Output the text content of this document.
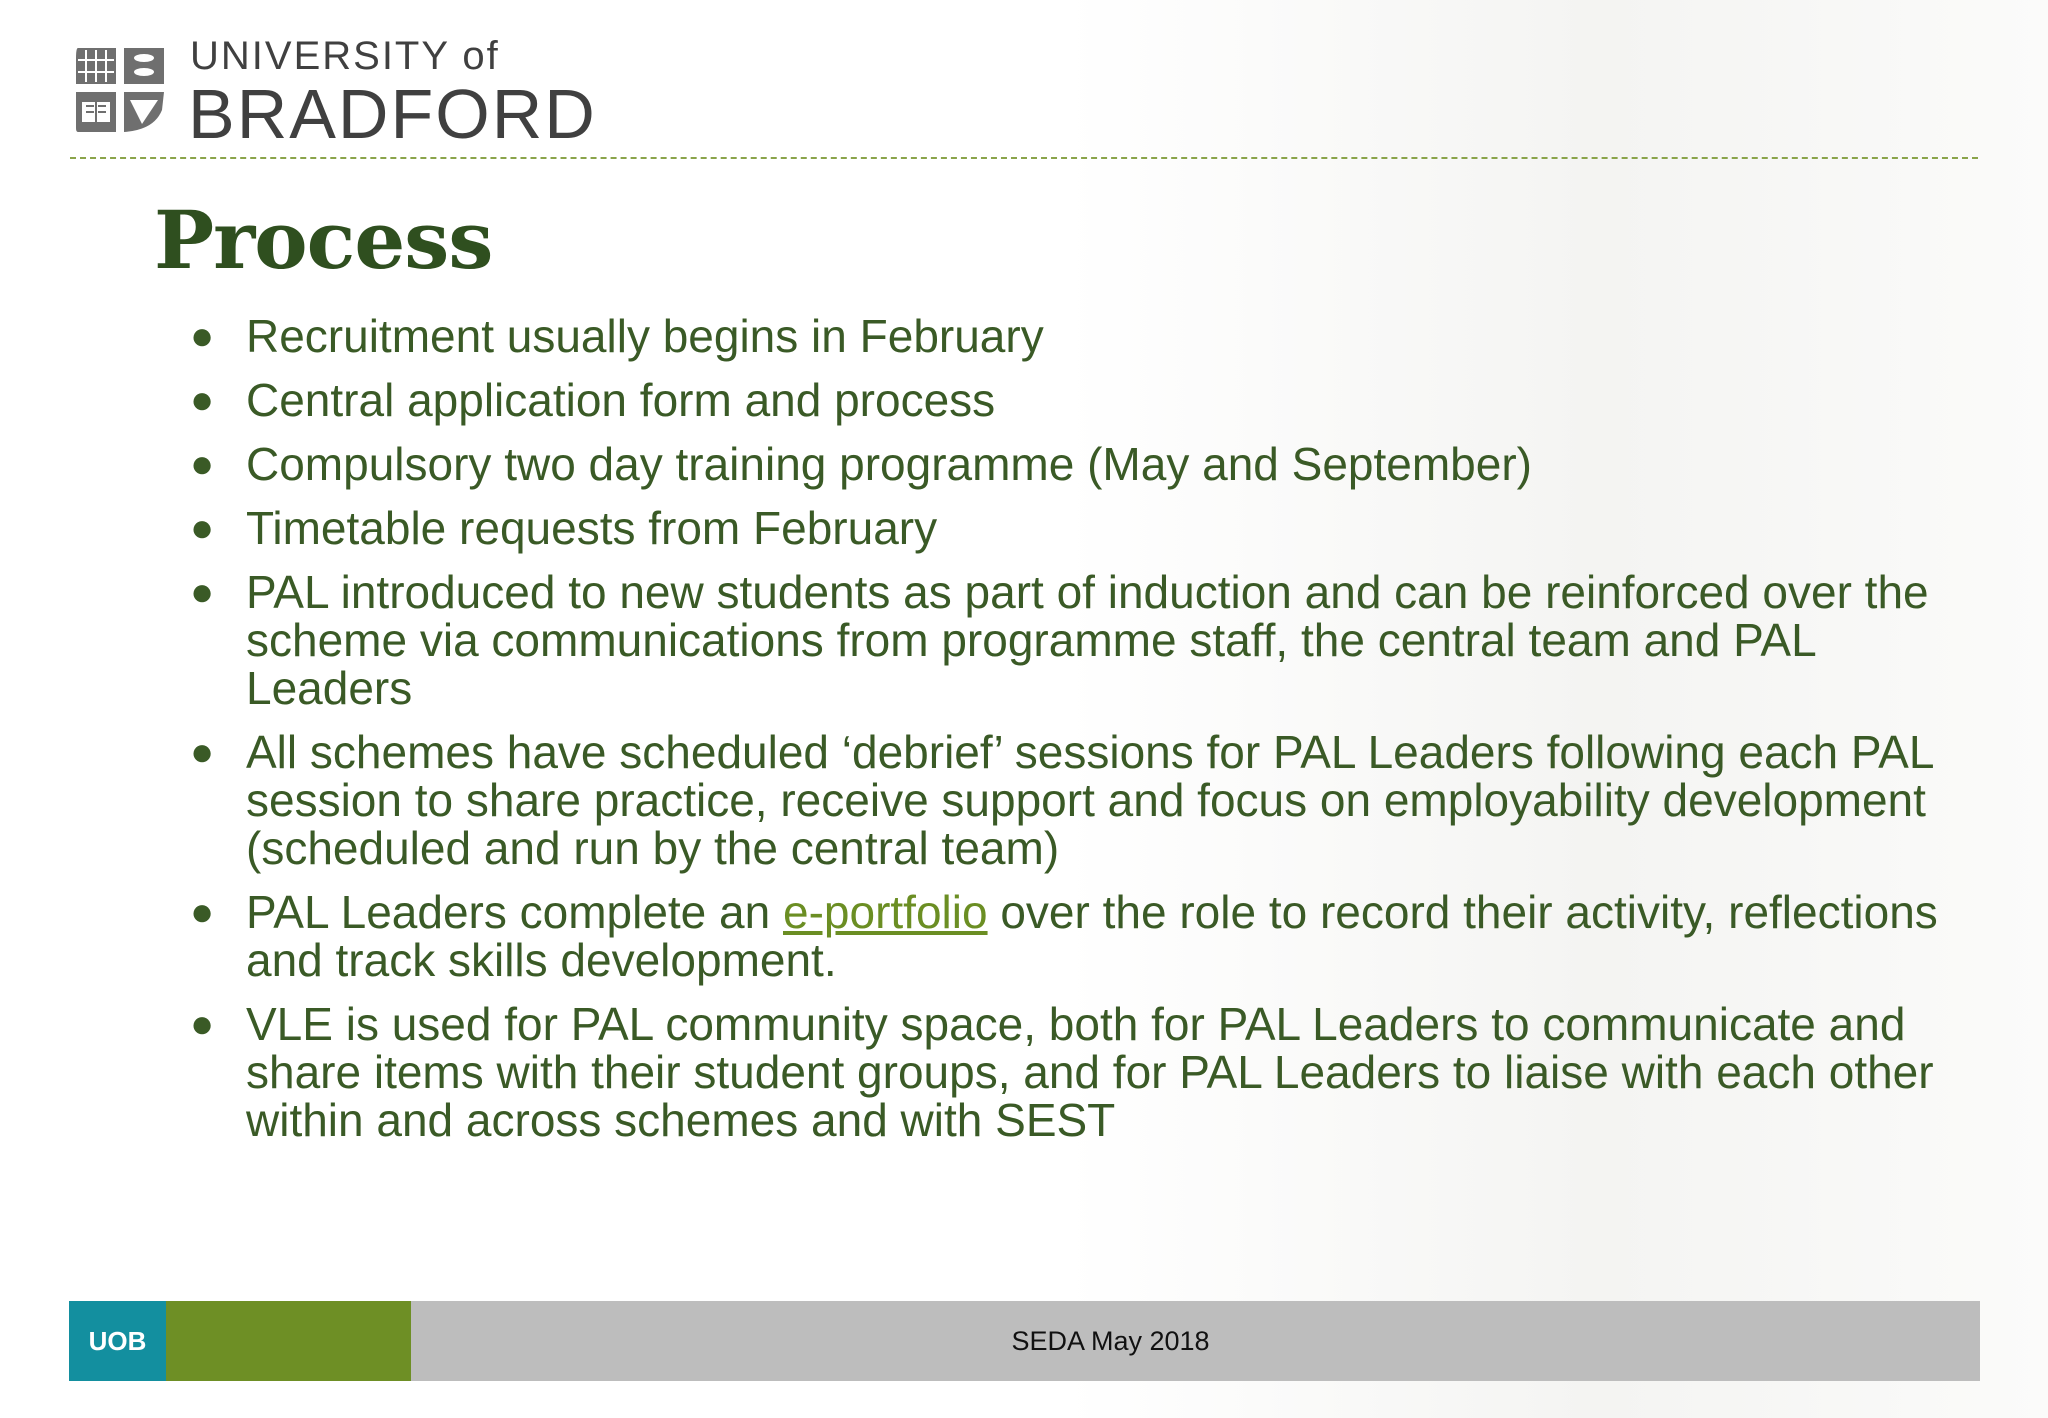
UNIVERSITY of
BRADFORD
Process
● Recruitment usually begins in February
● Central application form and process
● Compulsory two day training programme (May and September)
● Timetable requests from February
● PAL introduced to new students as part of induction and can be reinforced over the scheme via communications from programme staff, the central team and PAL Leaders
● All schemes have scheduled ‘debrief’ sessions for PAL Leaders following each PAL session to share practice, receive support and focus on employability development (scheduled and run by the central team)
● PAL Leaders complete an e-portfolio over the role to record their activity, reflections and track skills development.
● VLE is used for PAL community space, both for PAL Leaders to communicate and share items with their student groups, and for PAL Leaders to liaise with each other within and across schemes and with SEST
UOB	SEDA May 2018
